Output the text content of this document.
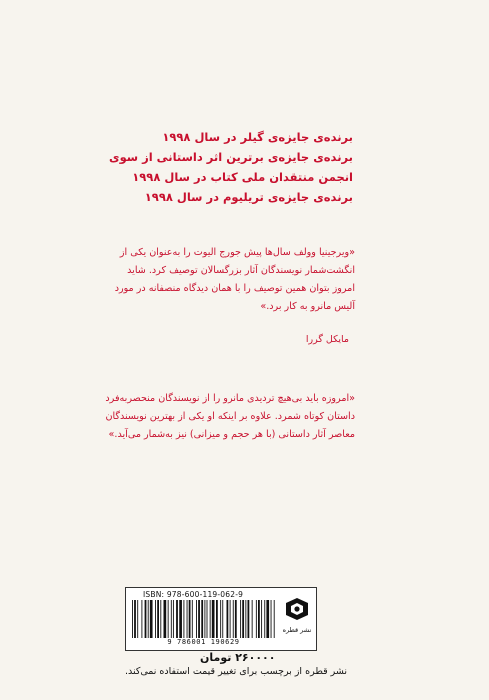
برنده‌ی جایزه‌ی گیلر در سال ۱۹۹۸
برنده‌ی جایزه‌ی برترین اثر داستانی از سوی
انجمن منتقدان ملی کتاب در سال ۱۹۹۸
برنده‌ی جایزه‌ی تریلیوم در سال ۱۹۹۸
«ویرجینیا وولف سال‌ها پیش جورج الیوت را به‌عنوان یکی از
انگشت‌شمار نویسندگان آثار بزرگسالان توصیف کرد. شاید
امروز بتوان همین توصیف را با همان دیدگاه منصفانه در مورد
آلیس مانرو به کار برد.»
مایکل گررا
«امروزه باید بی‌هیچ تردیدی مانرو را از نویسندگان منحصربه‌فرد
داستان کوتاه شمرد. علاوه بر اینکه او یکی از بهترین نویسندگان
معاصر آثار داستانی (با هر حجم و میزانی) نیز به‌شمار می‌آید.»
ISBN: 978-600-119-062-9
9 786001 190629
نشر قطره
۲۶۰۰۰۰ تومان
نشر قطره از برچسب برای تغییر قیمت استفاده نمی‌کند.
